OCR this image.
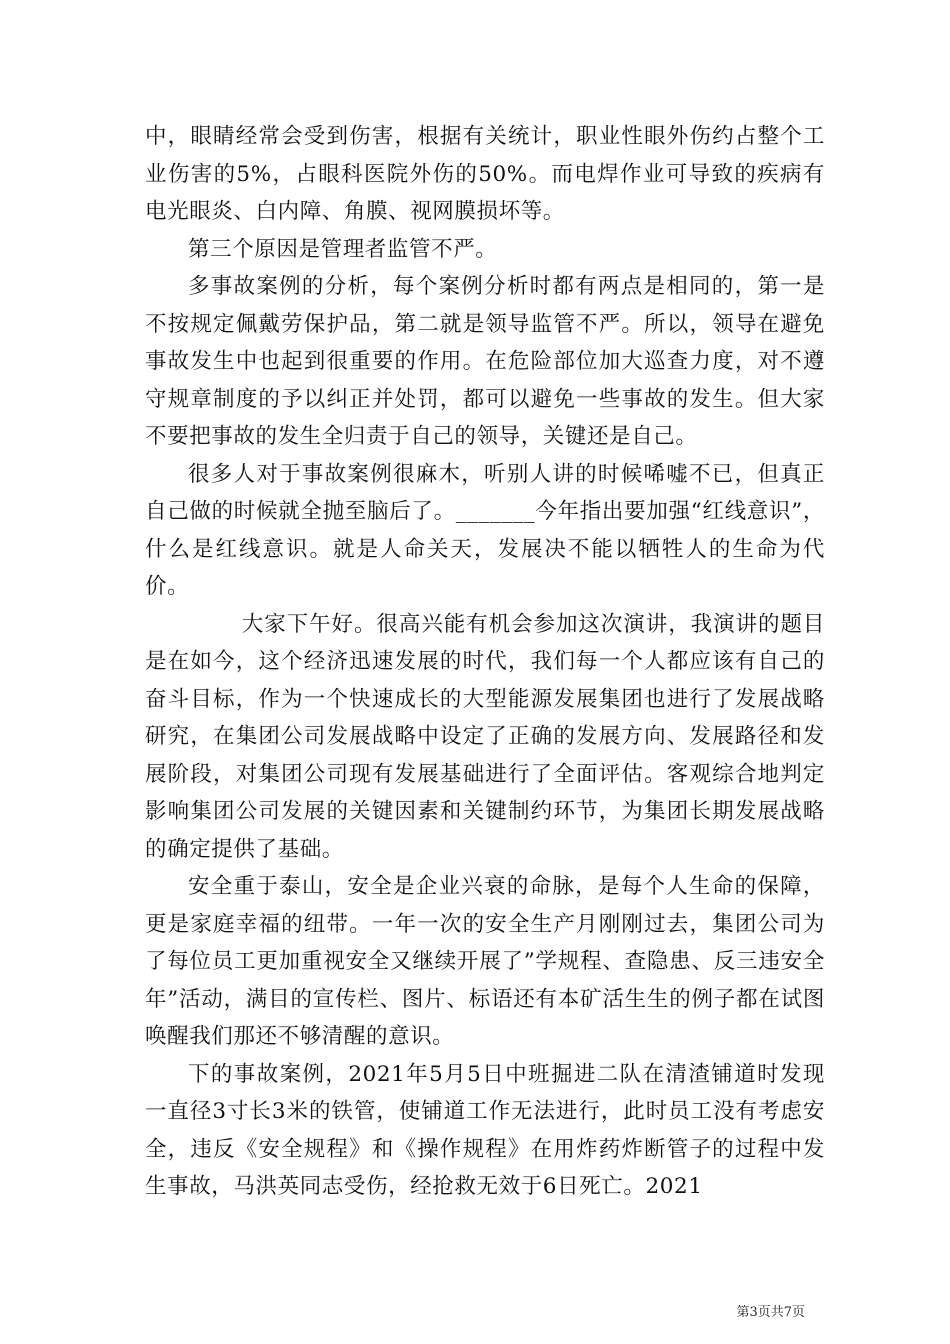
中，眼睛经常会受到伤害，根据有关统计，职业性眼外伤约占整个工业伤害的5%，占眼科医院外伤的50%。而电焊作业可导致的疾病有电光眼炎、白内障、角膜、视网膜损坏等。

第三个原因是管理者监管不严。

多事故案例的分析，每个案例分析时都有两点是相同的，第一是不按规定佩戴劳保护品，第二就是领导监管不严。所以，领导在避免事故发生中也起到很重要的作用。在危险部位加大巡查力度，对不遵守规章制度的予以纠正并处罚，都可以避免一些事故的发生。但大家不要把事故的发生全归责于自己的领导，关键还是自己。

很多人对于事故案例很麻木，听别人讲的时候唏嘘不已，但真正自己做的时候就全抛至脑后了。_______今年指出要加强“红线意识”，什么是红线意识。就是人命关天，发展决不能以牺牲人的生命为代价。

大家下午好。很高兴能有机会参加这次演讲，我演讲的题目是在如今，这个经济迅速发展的时代，我们每一个人都应该有自己的奋斗目标，作为一个快速成长的大型能源发展集团也进行了发展战略研究，在集团公司发展战略中设定了正确的发展方向、发展路径和发展阶段，对集团公司现有发展基础进行了全面评估。客观综合地判定影响集团公司发展的关键因素和关键制约环节，为集团长期发展战略的确定提供了基础。

安全重于泰山，安全是企业兴衰的命脉，是每个人生命的保障，更是家庭幸福的纽带。一年一次的安全生产月刚刚过去，集团公司为了每位员工更加重视安全又继续开展了”学规程、查隐患、反三违安全年”活动，满目的宣传栏、图片、标语还有本矿活生生的例子都在试图唤醒我们那还不够清醒的意识。

下的事故案例，2021年5月5日中班掘进二队在清渣铺道时发现一直径3寸长3米的铁管，使铺道工作无法进行，此时员工没有考虑安全，违反《安全规程》和《操作规程》在用炸药炸断管子的过程中发生事故，马洪英同志受伤，经抢救无效于6日死亡。2021

第3页共7页
